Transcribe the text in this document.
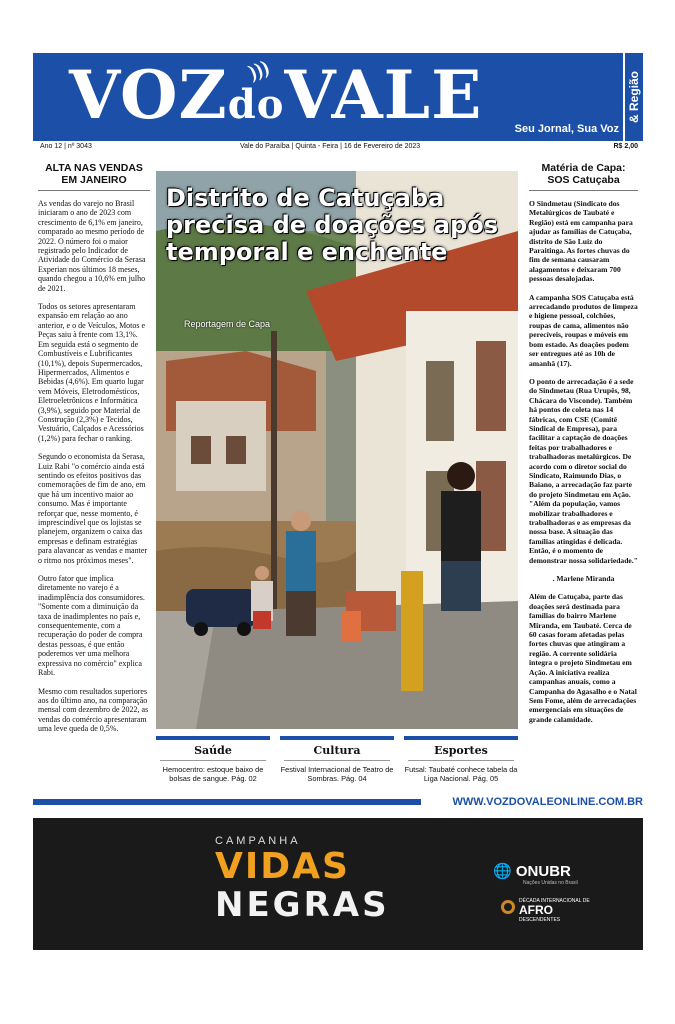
VOZdoVALE
)))
Seu Jornal, Sua Voz
& Região
Ano 12 | nº 3043	Vale do Paraíba | Quinta - Feira | 16 de Fevereiro de 2023	R$ 2,00
ALTA NAS VENDAS EM JANEIRO

As vendas do varejo no Brasil iniciaram o ano de 2023 com crescimento de 6,1% em janeiro, comparado ao mesmo período de 2022. O número foi o maior registrado pelo Indicador de Atividade do Comércio da Serasa Experian nos últimos 18 meses, quando chegou a 10,6% em julho de 2021.

Todos os setores apresentaram expansão em relação ao ano anterior, e o de Veículos, Motos e Peças saiu à frente com 13,1%. Em seguida está o segmento de Combustíveis e Lubrificantes (10,1%), depois Supermercados, Hipermercados, Alimentos e Bebidas (4,6%). Em quarto lugar vem Móveis, Eletrodomésticos, Eletroeletrônicos e Informática (3,9%), seguido por Material de Construção (2,3%) e Tecidos, Vestuário, Calçados e Acessórios (1,2%) para fechar o ranking.

Segundo o economista da Serasa, Luiz Rabi "o comércio ainda está sentindo os efeitos positivos das comemorações de fim de ano, em que há um incentivo maior ao consumo. Mas é importante reforçar que, nesse momento, é imprescindível que os lojistas se planejem, organizem o caixa das empresas e definam estratégias para alavancar as vendas e manter o ritmo nos próximos meses".

Outro fator que implica diretamente no varejo é a inadimplência dos consumidores. "Somente com a diminuição da taxa de inadimplentes no país e, consequentemente, com a recuperação do poder de compra destas pessoas, é que então poderemos ver uma melhora expressiva no comércio" explica Rabi.

Mesmo com resultados superiores aos do último ano, na comparação mensal com dezembro de 2022, as vendas do comércio apresentaram uma leve queda de 0,5%.

Distrito de Catuçaba precisa de doações após temporal e enchente
Reportagem de Capa
Matéria de Capa: SOS Catuçaba

O Sindmetau (Sindicato dos Metalúrgicos de Taubaté e Região) está em campanha para ajudar as famílias de Catuçaba, distrito de São Luiz do Paraitinga. As fortes chuvas do fim de semana causaram alagamentos e deixaram 700 pessoas desalojadas.

A campanha SOS Catuçaba está arrecadando produtos de limpeza e higiene pessoal, colchões, roupas de cama, alimentos não perecíveis, roupas e móveis em bom estado. As doações podem ser entregues até as 10h de amanhã (17).

O ponto de arrecadação é a sede do Sindmetau (Rua Urupês, 98, Chácara do Visconde). Também há pontos de coleta nas 14 fábricas, com CSE (Comitê Sindical de Empresa), para facilitar a captação de doações feitas por trabalhadores e trabalhadoras metalúrgicos. De acordo com o diretor social do Sindicato, Raimundo Dias, o Baiano, a arrecadação faz parte do projeto Sindmetau em Ação. "Além da população, vamos mobilizar trabalhadores e trabalhadoras e as empresas da nossa base. A situação das famílias atingidas é delicada. Então, é o momento de demonstrar nossa solidariedade."

. Marlene Miranda

Além de Catuçaba, parte das doações será destinada para famílias do bairro Marlene Miranda, em Taubaté. Cerca de 60 casas foram afetadas pelas fortes chuvas que atingiram a região. A corrente solidária integra o projeto Sindmetau em Ação. A iniciativa realiza campanhas anuais, como a Campanha do Agasalho e o Natal Sem Fome, além de arrecadações emergenciais em situações de grande calamidade.

Saúde
Hemocentro: estoque baixo de bolsas de sangue. Pág. 02
Cultura
Festival Internacional de Teatro de Sombras. Pág. 04
Esportes
Futsal: Taubaté conhece tabela da Liga Nacional. Pág. 05
WWW.VOZDOVALEONLINE.COM.BR
CAMPANHA
VIDAS
NEGRAS
🌐 ONUBR
Nações Unidas no Brasil
DÉCADA INTERNACIONAL DE
AFRO
DESCENDENTES
